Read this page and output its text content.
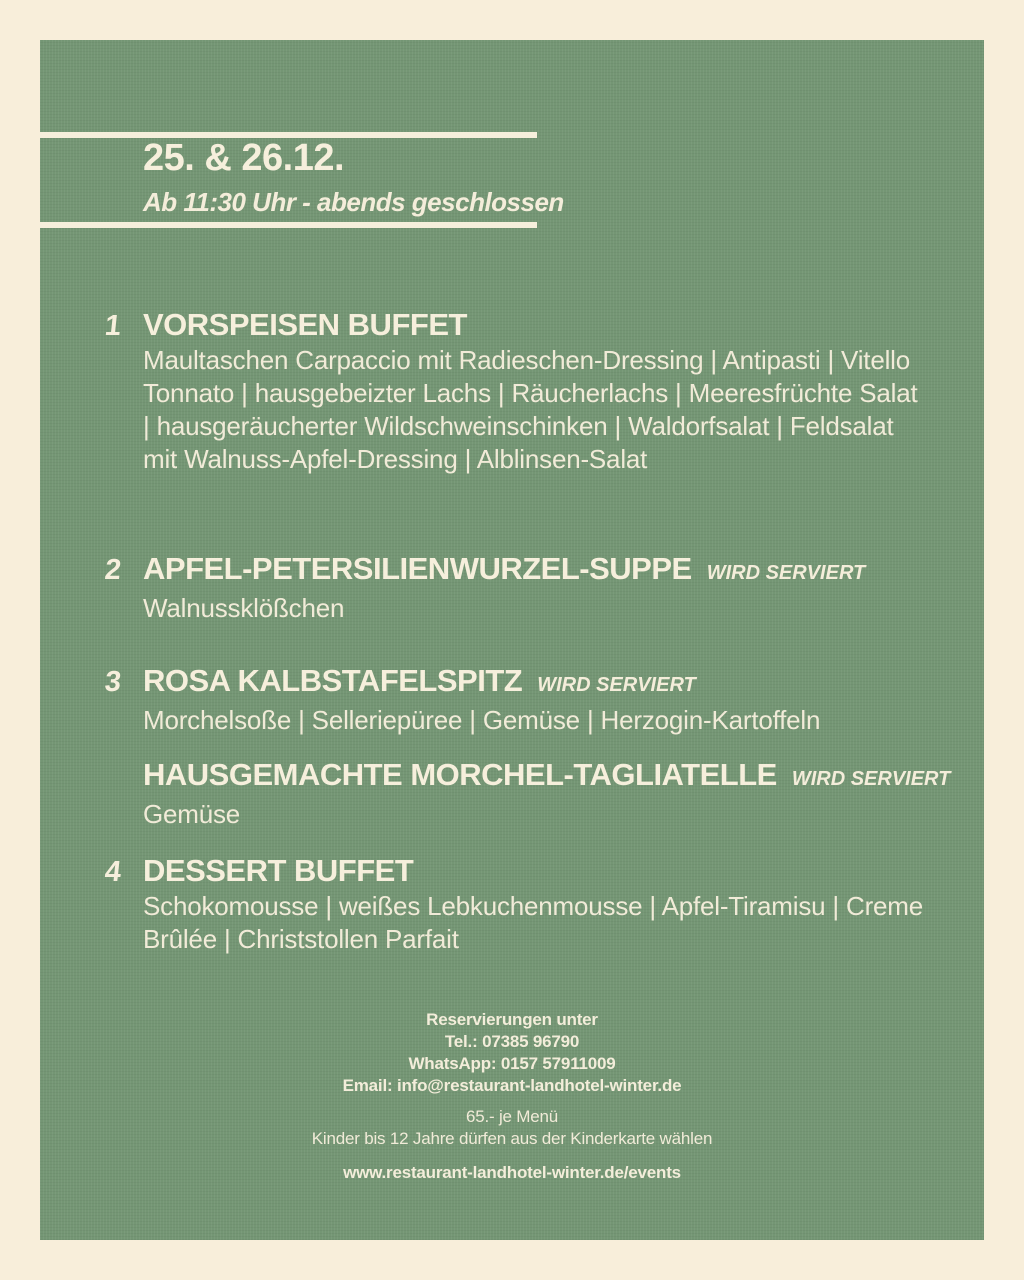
25. & 26.12.
Ab 11:30 Uhr - abends geschlossen
1 VORSPEISEN BUFFET

Maultaschen Carpaccio mit Radieschen-Dressing | Antipasti | Vitello Tonnato | hausgebeizter Lachs | Räucherlachs | Meeresfrüchte Salat | hausgeräucherter Wildschweinschinken | Waldorfsalat | Feldsalat mit Walnuss-Apfel-Dressing | Alblinsen-Salat

2 APFEL-PETERSILIENWURZEL-SUPPE WIRD SERVIERT

Walnussklößchen

3 ROSA KALBSTAFELSPITZ WIRD SERVIERT

Morchelsoße | Selleriepüree | Gemüse | Herzogin-Kartoffeln

HAUSGEMACHTE MORCHEL-TAGLIATELLE WIRD SERVIERT

Gemüse

4 DESSERT BUFFET

Schokomousse | weißes Lebkuchenmousse | Apfel-Tiramisu | Creme Brûlée | Christstollen Parfait

Reservierungen unter
Tel.: 07385 96790
WhatsApp: 0157 57911009
Email: info@restaurant-landhotel-winter.de
65.- je Menü
Kinder bis 12 Jahre dürfen aus der Kinderkarte wählen
www.restaurant-landhotel-winter.de/events
